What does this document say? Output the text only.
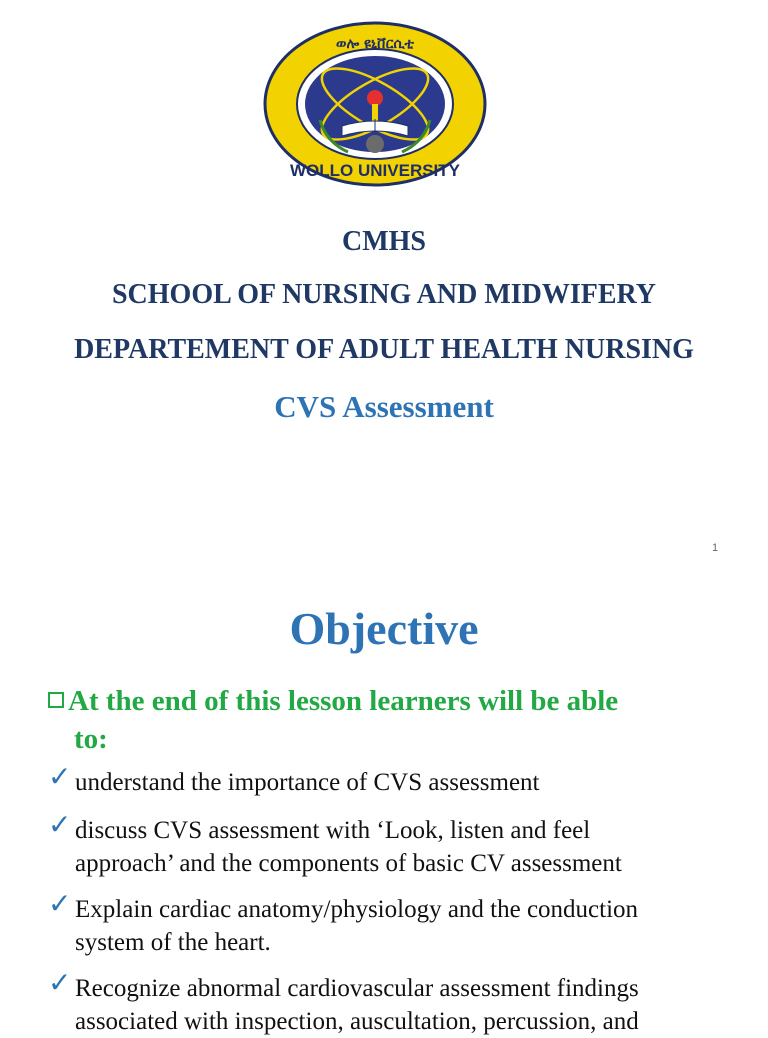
ወሎ ዩኒቨርሲቲ
WOLLO UNIVERSITY
CMHS
SCHOOL OF NURSING AND MIDWIFERY
DEPARTEMENT OF ADULT HEALTH NURSING
CVS Assessment
1
Objective
At the end of this lesson learners will be able
to:
✓ understand the importance of CVS assessment
✓ discuss CVS assessment with ‘Look, listen and feel
approach’ and the components of basic CV assessment
✓ Explain cardiac anatomy/physiology and the conduction
system of the heart.
✓ Recognize abnormal cardiovascular assessment findings
associated with inspection, auscultation, percussion, and
